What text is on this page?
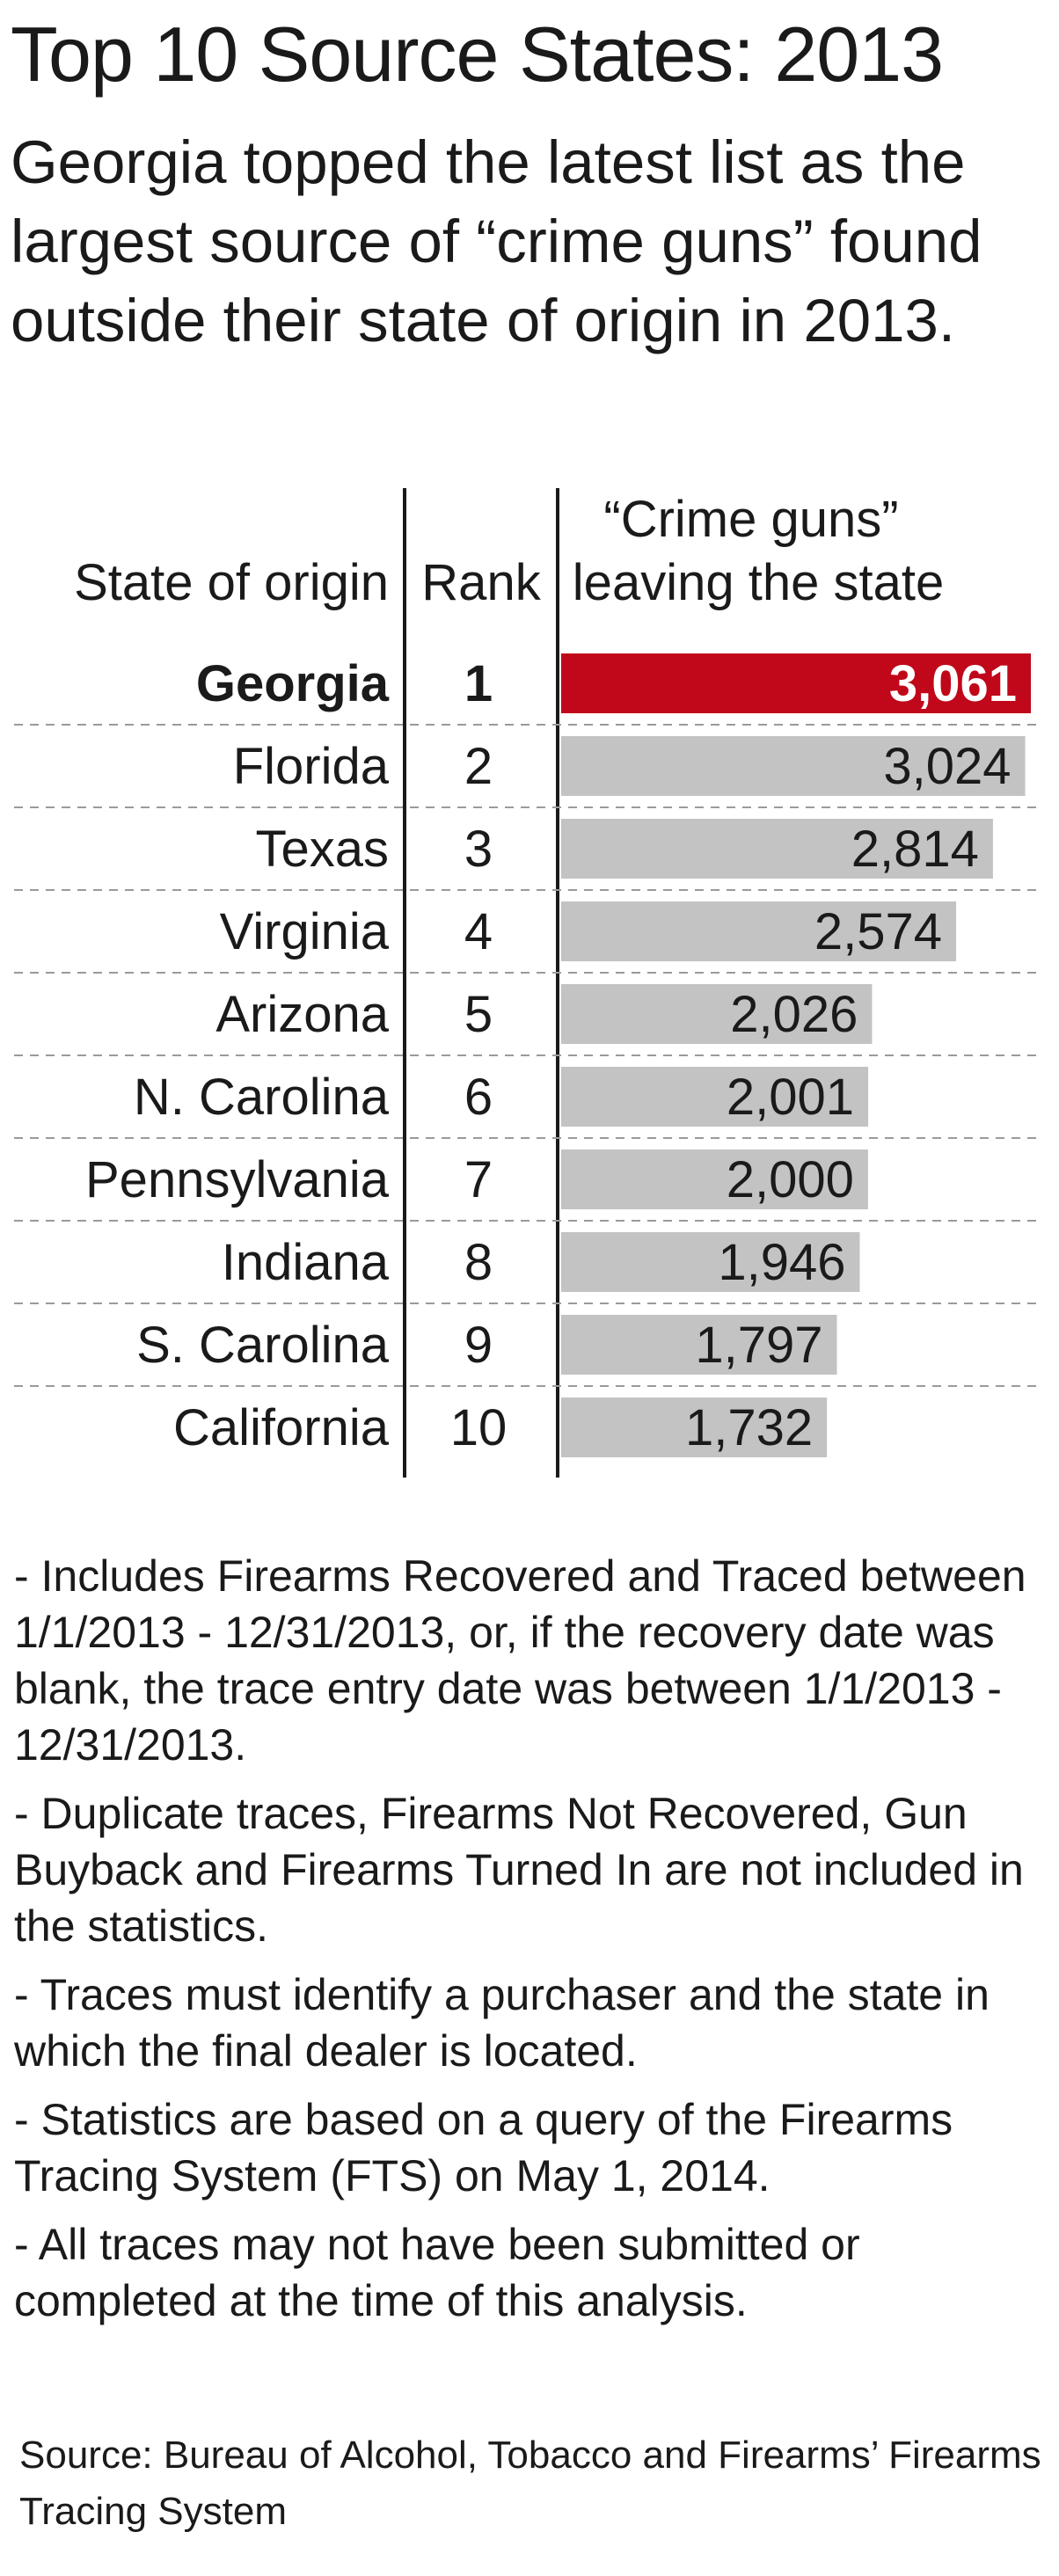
Top 10 Source States: 2013
Georgia topped the latest list as the largest source of “crime guns” found outside their state of origin in 2013.
State of origin Rank
“Crime guns”
leaving the state
Georgia 1	3,061
Florida 2	3,024
Texas 3	2,814
Virginia 4	2,574
Arizona 5	2,026
N. Carolina 6	2,001
Pennsylvania 7	2,000
Indiana 8	1,946
S. Carolina 9	1,797
California 10	1,732

- Includes Firearms Recovered and Traced between 1/1/2013 - 12/31/2013, or, if the recovery date was blank, the trace entry date was between 1/1/2013 - 12/31/2013.

- Duplicate traces, Firearms Not Recovered, Gun Buyback and Firearms Turned In are not included in the statistics.

- Traces must identify a purchaser and the state in which the final dealer is located.

- Statistics are based on a query of the Firearms Tracing System (FTS) on May 1, 2014.

- All traces may not have been submitted or completed at the time of this analysis.

Source: Bureau of Alcohol, Tobacco and Firearms’ Firearms Tracing System
